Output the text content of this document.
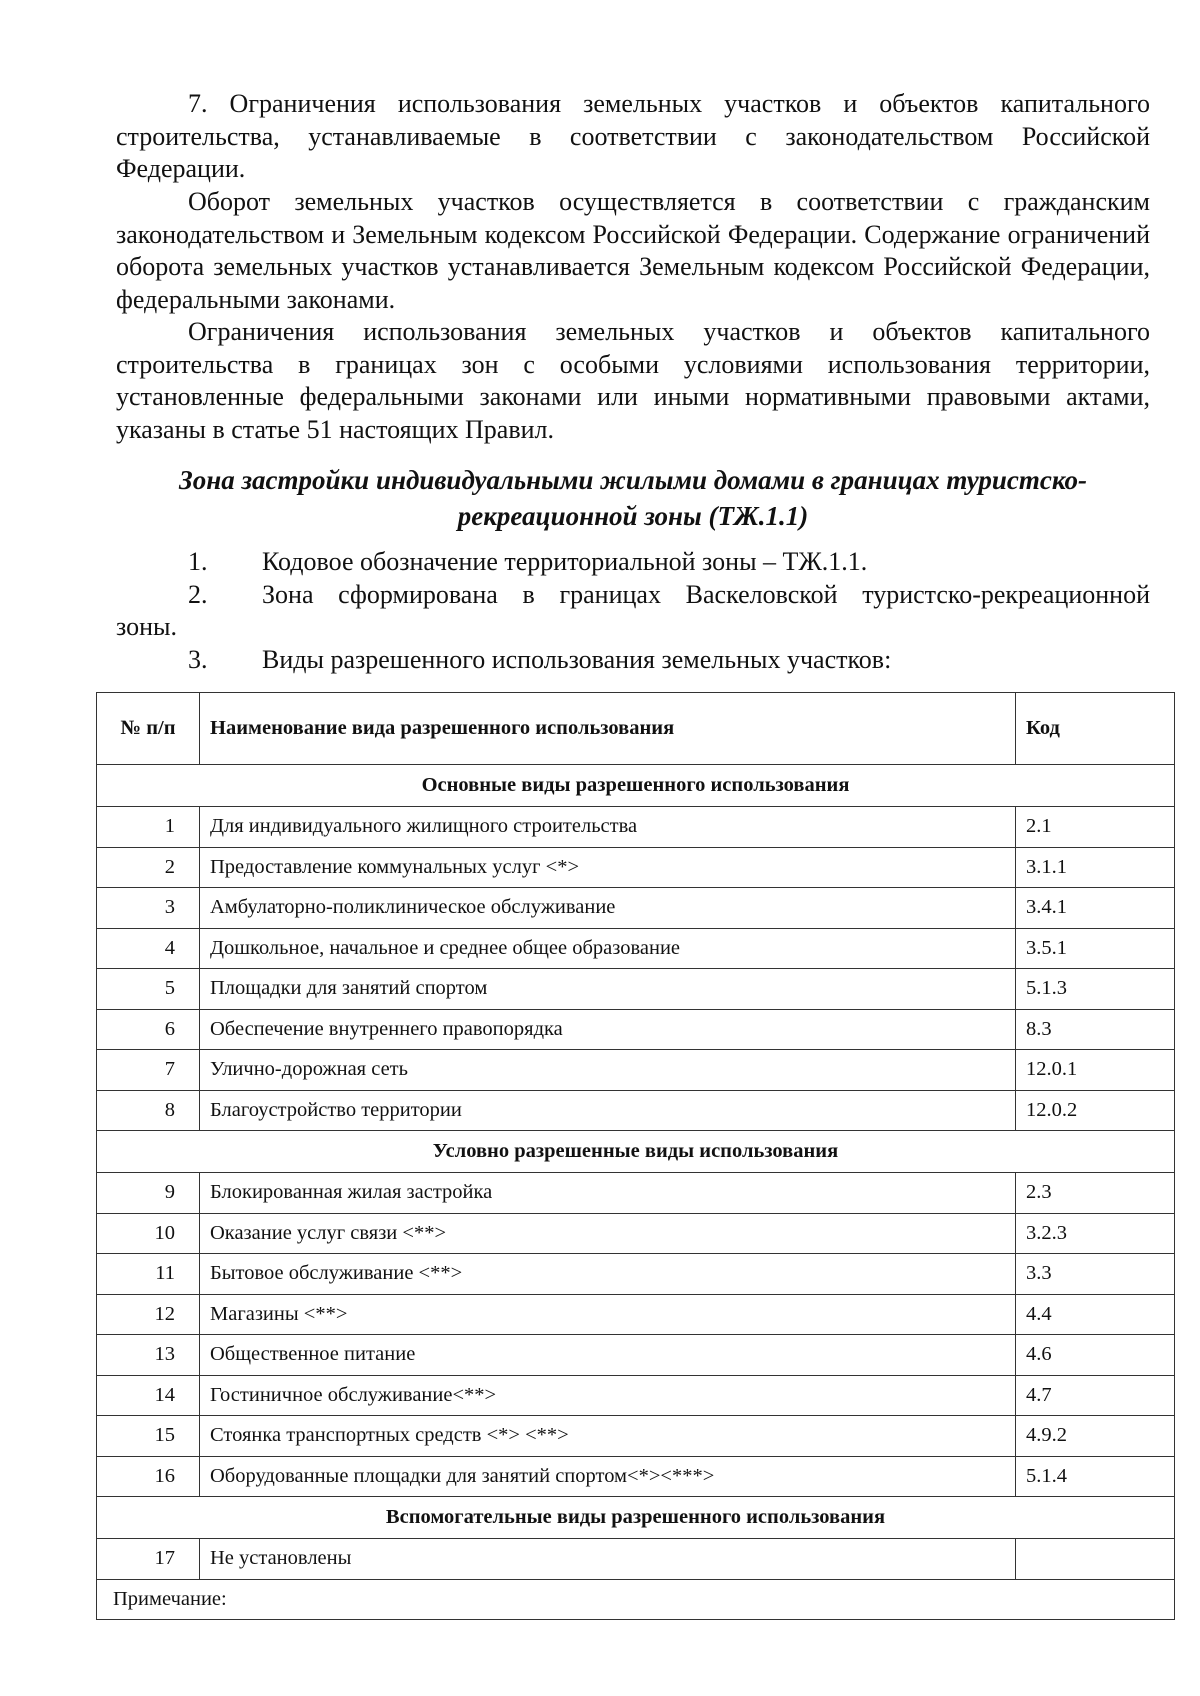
7. Ограничения использования земельных участков и объектов капитального строительства, устанавливаемые в соответствии с законодательством Российской Федерации.

Оборот земельных участков осуществляется в соответствии с гражданским законодательством и Земельным кодексом Российской Федерации. Содержание ограничений оборота земельных участков устанавливается Земельным кодексом Российской Федерации, федеральными законами.

Ограничения использования земельных участков и объектов капитального строительства в границах зон с особыми условиями использования территории, установленные федеральными законами или иными нормативными правовыми актами, указаны в статье 51 настоящих Правил.

Зона застройки индивидуальными жилыми домами в границах туристско-рекреационной зоны (ТЖ.1.1)
1.	Кодовое обозначение территориальной зоны – ТЖ.1.1.
2.	Зона сформирована в границах Васкеловской туристско-рекреационной

зоны.

3.	Виды разрешенного использования земельных участков:
№ п/п	Наименование вида разрешенного использования	Код
Основные виды разрешенного использования		
1	Для индивидуального жилищного строительства	2.1
2	Предоставление коммунальных услуг <*>	3.1.1
3	Амбулаторно-поликлиническое обслуживание	3.4.1
4	Дошкольное, начальное и среднее общее образование	3.5.1
5	Площадки для занятий спортом	5.1.3
6	Обеспечение внутреннего правопорядка	8.3
7	Улично-дорожная сеть	12.0.1
8	Благоустройство территории	12.0.2
Условно разрешенные виды использования		
9	Блокированная жилая застройка	2.3
10	Оказание услуг связи <**>	3.2.3
11	Бытовое обслуживание <**>	3.3
12	Магазины <**>	4.4
13	Общественное питание	4.6
14	Гостиничное обслуживание<**>	4.7
15	Стоянка транспортных средств <*> <**>	4.9.2
16	Оборудованные площадки для занятий спортом<*><***>	5.1.4
Вспомогательные виды разрешенного использования		
17	Не установлены	
Примечание:		
